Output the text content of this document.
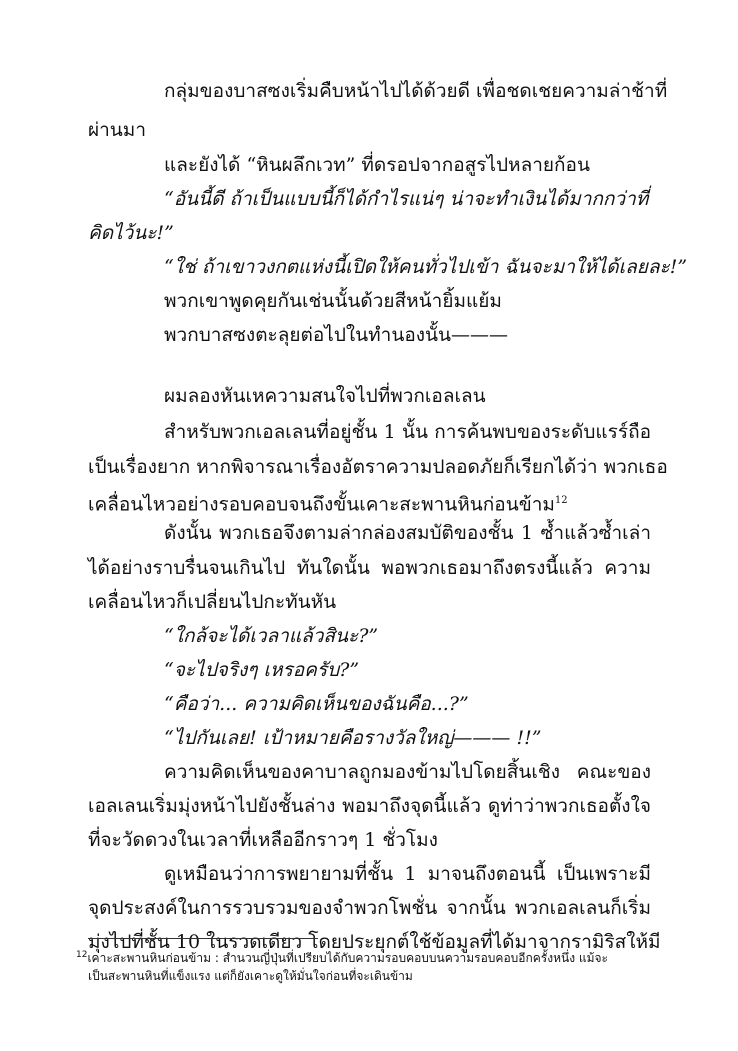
กลุ่มของบาสซงเริ่มคืบหน้าไปได้ด้วยดี เพื่อชดเชยความล่าช้าที่
ผ่านมา
และยังได้ “หินผลึกเวท” ที่ดรอปจากอสูรไปหลายก้อน
“อันนี้ดี ถ้าเป็นแบบนี้ก็ได้กำไรแน่ๆ น่าจะทำเงินได้มากกว่าที่
คิดไว้นะ!”
“ใช่ ถ้าเขาวงกตแห่งนี้เปิดให้คนทั่วไปเข้า ฉันจะมาให้ได้เลยละ!”
พวกเขาพูดคุยกันเช่นนั้นด้วยสีหน้ายิ้มแย้ม
พวกบาสซงตะลุยต่อไปในทำนองนั้น———
ผมลองหันเหความสนใจไปที่พวกเอลเลน
สำหรับพวกเอลเลนที่อยู่ชั้น 1 นั้น การค้นพบของระดับแรร์ถือ
เป็นเรื่องยาก หากพิจารณาเรื่องอัตราความปลอดภัยก็เรียกได้ว่า พวกเธอ
เคลื่อนไหวอย่างรอบคอบจนถึงขั้นเคาะสะพานหินก่อนข้าม$^{12}$
ดังนั้น พวกเธอจึงตามล่ากล่องสมบัติของชั้น 1 ซ้ำแล้วซ้ำเล่า
ได้อย่างราบรื่นจนเกินไป ทันใดนั้น พอพวกเธอมาถึงตรงนี้แล้ว ความ
เคลื่อนไหวก็เปลี่ยนไปกะทันหัน
“ใกล้จะได้เวลาแล้วสินะ?”
“จะไปจริงๆ เหรอครับ?”
“คือว่า... ความคิดเห็นของฉันคือ...?”
“ไปกันเลย! เป้าหมายคือรางวัลใหญ่——— !!”
ความคิดเห็นของคาบาลถูกมองข้ามไปโดยสิ้นเชิง คณะของ
เอลเลนเริ่มมุ่งหน้าไปยังชั้นล่าง พอมาถึงจุดนี้แล้ว ดูท่าว่าพวกเธอตั้งใจ
ที่จะวัดดวงในเวลาที่เหลืออีกราวๆ 1 ชั่วโมง
ดูเหมือนว่าการพยายามที่ชั้น 1 มาจนถึงตอนนี้ เป็นเพราะมี
จุดประสงค์ในการรวบรวมของจำพวกโพชั่น จากนั้น พวกเอลเลนก็เริ่ม
มุ่งไปที่ชั้น 10 ในรวดเดียว โดยประยุกต์ใช้ข้อมูลที่ได้มาจากรามิริสให้มี
$^{12}$เคาะสะพานหินก่อนข้าม : สำนวนญี่ปุ่นที่เปรียบได้กับความรอบคอบบนความรอบคอบอีกครั้งหนึ่ง แม้จะ
เป็นสะพานหินที่แข็งแรง แต่ก็ยังเคาะดูให้มั่นใจก่อนที่จะเดินข้าม
